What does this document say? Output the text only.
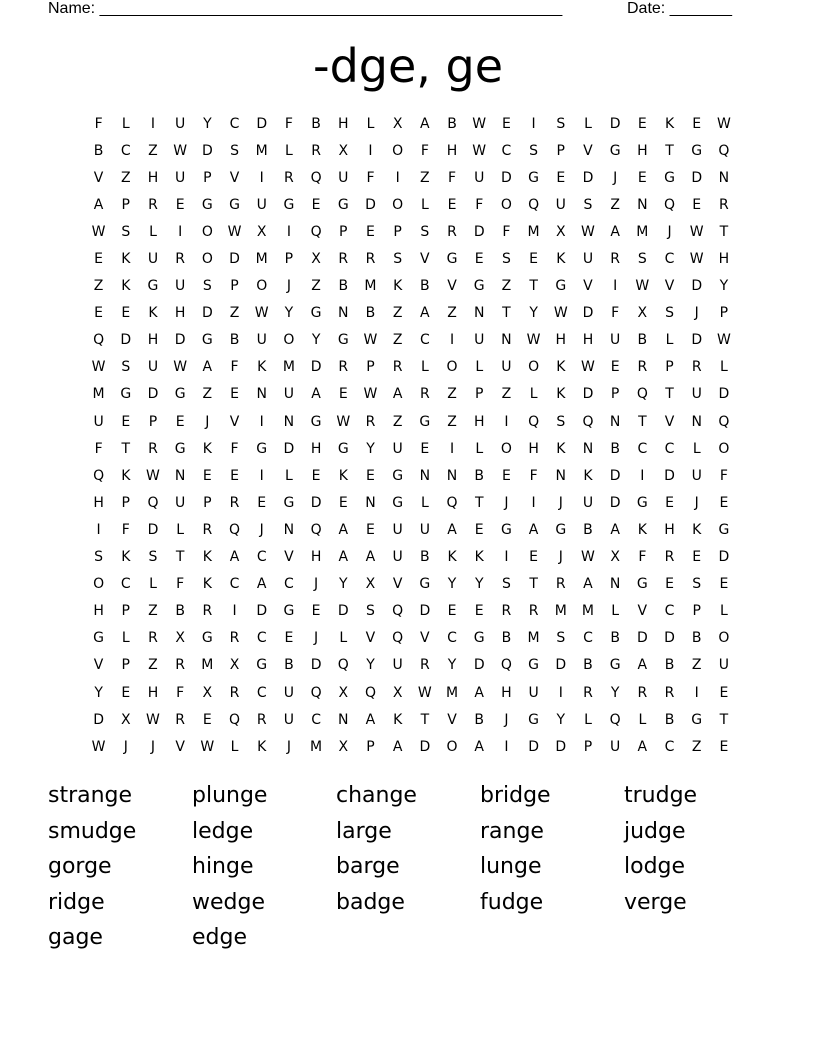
Name: ____________________________________________________	Date: _______
-dge, ge
F	L	I	U	Y	C	D	F	B	H	L	X	A	B	W	E	I	S	L	D	E	K	E	W
B	C	Z	W	D	S	M	L	R	X	I	O	F	H	W	C	S	P	V	G	H	T	G	Q
V	Z	H	U	P	V	I	R	Q	U	F	I	Z	F	U	D	G	E	D	J	E	G	D	N
A	P	R	E	G	G	U	G	E	G	D	O	L	E	F	O	Q	U	S	Z	N	Q	E	R
W	S	L	I	O	W	X	I	Q	P	E	P	S	R	D	F	M	X	W	A	M	J	W	T
E	K	U	R	O	D	M	P	X	R	R	S	V	G	E	S	E	K	U	R	S	C	W	H
Z	K	G	U	S	P	O	J	Z	B	M	K	B	V	G	Z	T	G	V	I	W	V	D	Y
E	E	K	H	D	Z	W	Y	G	N	B	Z	A	Z	N	T	Y	W	D	F	X	S	J	P
Q	D	H	D	G	B	U	O	Y	G	W	Z	C	I	U	N	W	H	H	U	B	L	D	W
W	S	U	W	A	F	K	M	D	R	P	R	L	O	L	U	O	K	W	E	R	P	R	L
M	G	D	G	Z	E	N	U	A	E	W	A	R	Z	P	Z	L	K	D	P	Q	T	U	D
U	E	P	E	J	V	I	N	G	W	R	Z	G	Z	H	I	Q	S	Q	N	T	V	N	Q
F	T	R	G	K	F	G	D	H	G	Y	U	E	I	L	O	H	K	N	B	C	C	L	O
Q	K	W	N	E	E	I	L	E	K	E	G	N	N	B	E	F	N	K	D	I	D	U	F
H	P	Q	U	P	R	E	G	D	E	N	G	L	Q	T	J	I	J	U	D	G	E	J	E
I	F	D	L	R	Q	J	N	Q	A	E	U	U	A	E	G	A	G	B	A	K	H	K	G
S	K	S	T	K	A	C	V	H	A	A	U	B	K	K	I	E	J	W	X	F	R	E	D
O	C	L	F	K	C	A	C	J	Y	X	V	G	Y	Y	S	T	R	A	N	G	E	S	E
H	P	Z	B	R	I	D	G	E	D	S	Q	D	E	E	R	R	M	M	L	V	C	P	L
G	L	R	X	G	R	C	E	J	L	V	Q	V	C	G	B	M	S	C	B	D	D	B	O
V	P	Z	R	M	X	G	B	D	Q	Y	U	R	Y	D	Q	G	D	B	G	A	B	Z	U
Y	E	H	F	X	R	C	U	Q	X	Q	X	W	M	A	H	U	I	R	Y	R	R	I	E
D	X	W	R	E	Q	R	U	C	N	A	K	T	V	B	J	G	Y	L	Q	L	B	G	T
W	J	J	V	W	L	K	J	M	X	P	A	D	O	A	I	D	D	P	U	A	C	Z	E
strange	plunge	change	bridge	trudge
smudge	ledge	large	range	judge
gorge	hinge	barge	lunge	lodge
ridge	wedge	badge	fudge	verge
gage	edge
